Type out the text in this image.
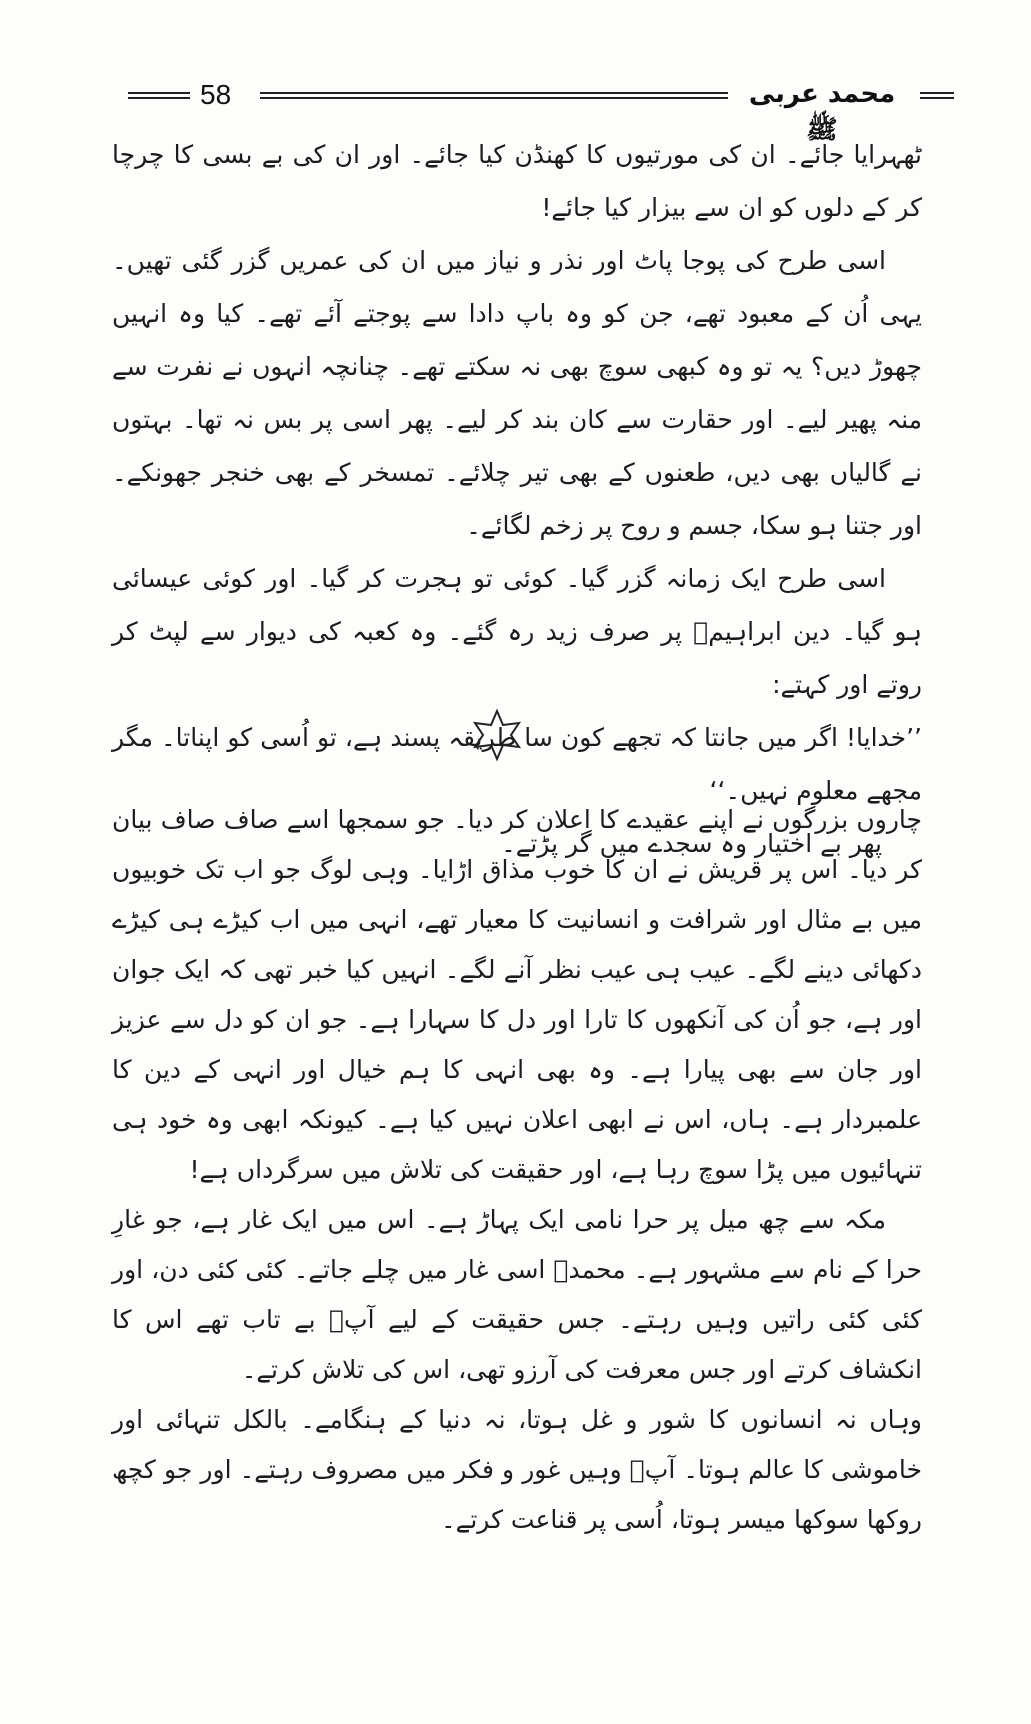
58	محمد عربی ﷺ

ٹھہرایا جائے۔ ان کی مورتیوں کا کھنڈن کیا جائے۔ اور ان کی بے بسی کا چرچا کر کے دلوں کو ان سے بیزار کیا جائے!

اسی طرح کی پوجا پاٹ اور نذر و نیاز میں ان کی عمریں گزر گئی تھیں۔ یہی اُن کے معبود تھے، جن کو وہ باپ دادا سے پوجتے آئے تھے۔ کیا وہ انہیں چھوڑ دیں؟ یہ تو وہ کبھی سوچ بھی نہ سکتے تھے۔ چنانچہ انہوں نے نفرت سے منہ پھیر لیے۔ اور حقارت سے کان بند کر لیے۔ پھر اسی پر بس نہ تھا۔ بہتوں نے گالیاں بھی دیں، طعنوں کے بھی تیر چلائے۔ تمسخر کے بھی خنجر جھونکے۔ اور جتنا ہو سکا، جسم و روح پر زخم لگائے۔

اسی طرح ایک زمانہ گزر گیا۔ کوئی تو ہجرت کر گیا۔ اور کوئی عیسائی ہو گیا۔ دین ابراہیمؑ پر صرف زید رہ گئے۔ وہ کعبہ کی دیوار سے لپٹ کر روتے اور کہتے:

’’خدایا! اگر میں جانتا کہ تجھے کون سا طریقہ پسند ہے، تو اُسی کو اپناتا۔ مگر مجھے معلوم نہیں۔‘‘

پھر بے اختیار وہ سجدے میں گر پڑتے۔

چاروں بزرگوں نے اپنے عقیدے کا اعلان کر دیا۔ جو سمجھا اسے صاف صاف بیان کر دیا۔ اس پر قریش نے ان کا خوب مذاق اڑایا۔ وہی لوگ جو اب تک خوبیوں میں بے مثال اور شرافت و انسانیت کا معیار تھے، انہی میں اب کیڑے ہی کیڑے دکھائی دینے لگے۔ عیب ہی عیب نظر آنے لگے۔ انہیں کیا خبر تھی کہ ایک جوان اور ہے، جو اُن کی آنکھوں کا تارا اور دل کا سہارا ہے۔ جو ان کو دل سے عزیز اور جان سے بھی پیارا ہے۔ وہ بھی انہی کا ہم خیال اور انہی کے دین کا علمبردار ہے۔ ہاں، اس نے ابھی اعلان نہیں کیا ہے۔ کیونکہ ابھی وہ خود ہی تنہائیوں میں پڑا سوچ رہا ہے، اور حقیقت کی تلاش میں سرگرداں ہے!

مکہ سے چھ میل پر حرا نامی ایک پہاڑ ہے۔ اس میں ایک غار ہے، جو غارِ حرا کے نام سے مشہور ہے۔ محمدؐ اسی غار میں چلے جاتے۔ کئی کئی دن، اور کئی کئی راتیں وہیں رہتے۔ جس حقیقت کے لیے آپؐ بے تاب تھے اس کا انکشاف کرتے اور جس معرفت کی آرزو تھی، اس کی تلاش کرتے۔

وہاں نہ انسانوں کا شور و غل ہوتا، نہ دنیا کے ہنگامے۔ بالکل تنہائی اور خاموشی کا عالم ہوتا۔ آپؐ وہیں غور و فکر میں مصروف رہتے۔ اور جو کچھ روکھا سوکھا میسر ہوتا، اُسی پر قناعت کرتے۔
